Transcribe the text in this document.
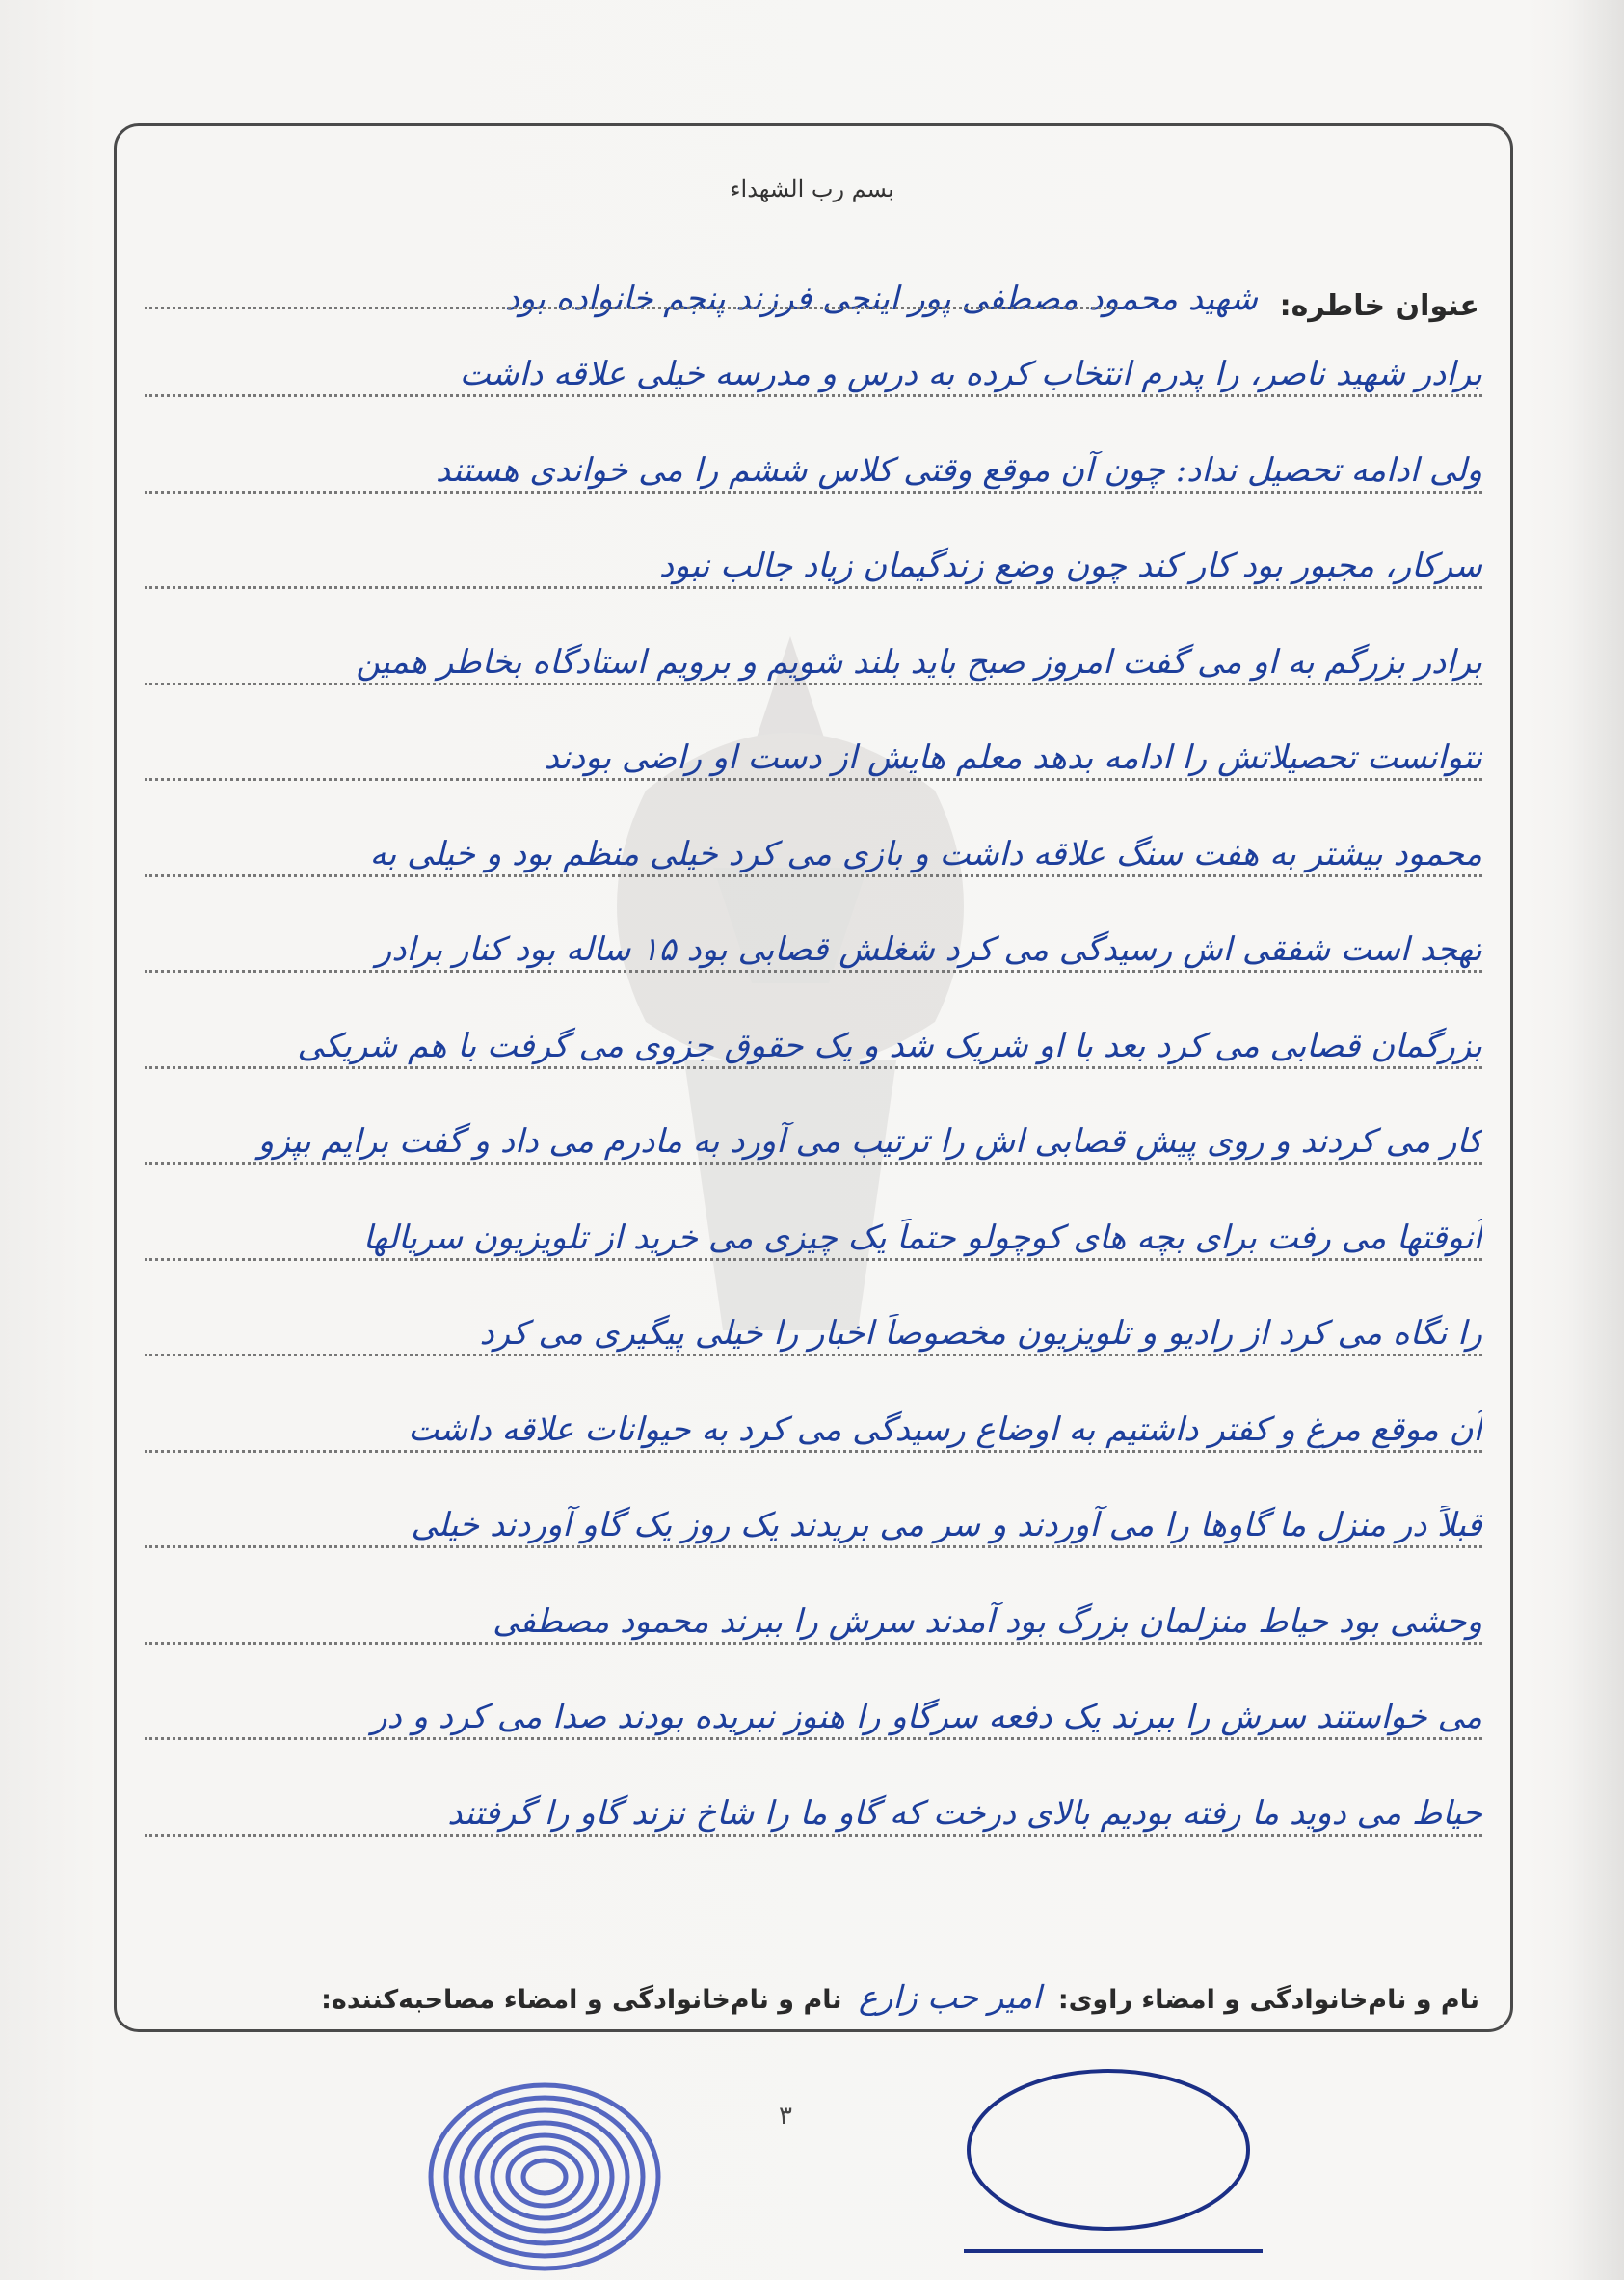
بسم رب الشهداء
عنوان خاطره:
شهید محمود مصطفی پور اینجی فرزند پنجم خانواده بود
برادر شهید ناصر، را پدرم انتخاب کرده به درس و مدرسه خیلی علاقه داشت
ولی ادامه تحصیل نداد: چون آن موقع وقتی کلاس ششم را می خواندی هستند
سرکار، مجبور بود کار کند چون وضع زندگیمان زیاد جالب نبود
برادر بزرگم به او می گفت امروز صبح باید بلند شویم و برویم استادگاه بخاطر همین
نتوانست تحصیلاتش را ادامه بدهد معلم هایش از دست او راضی بودند
محمود بیشتر به هفت سنگ علاقه داشت و بازی می کرد خیلی منظم بود و خیلی به
تهجد است شفقی اش رسیدگی می کرد شغلش قصابی بود ۱۵ ساله بود کنار برادر
بزرگمان قصابی می کرد بعد با او شریک شد و یک حقوق جزوی می گرفت با هم شریکی
کار می کردند و روی پیش قصابی اش را ترتیب می آورد به مادرم می داد و گفت برایم بپزو
آنوقتها می رفت برای بچه های کوچولو حتماً یک چیزی می خرید از تلویزیون سریالها
را نگاه می کرد از رادیو و تلویزیون مخصوصاً اخبار را خیلی پیگیری می کرد
آن موقع مرغ و کفتر داشتیم به اوضاع رسیدگی می کرد به حیوانات علاقه داشت
قبلاً در منزل ما گاوها را می آوردند و سر می بریدند یک روز یک گاو آوردند خیلی
وحشی بود حیاط منزلمان بزرگ بود آمدند سرش را ببرند محمود مصطفی
می خواستند سرش را ببرند یک دفعه سرگاو را هنوز نبریده بودند صدا می کرد و در
حیاط می دوید ما رفته بودیم بالای درخت که گاو ما را شاخ نزند گاو را گرفتند
نام و نام‌خانوادگی و امضاء راوی: امیر حب زارع نام و نام‌خانوادگی و امضاء مصاحبه‌کننده:
۳
